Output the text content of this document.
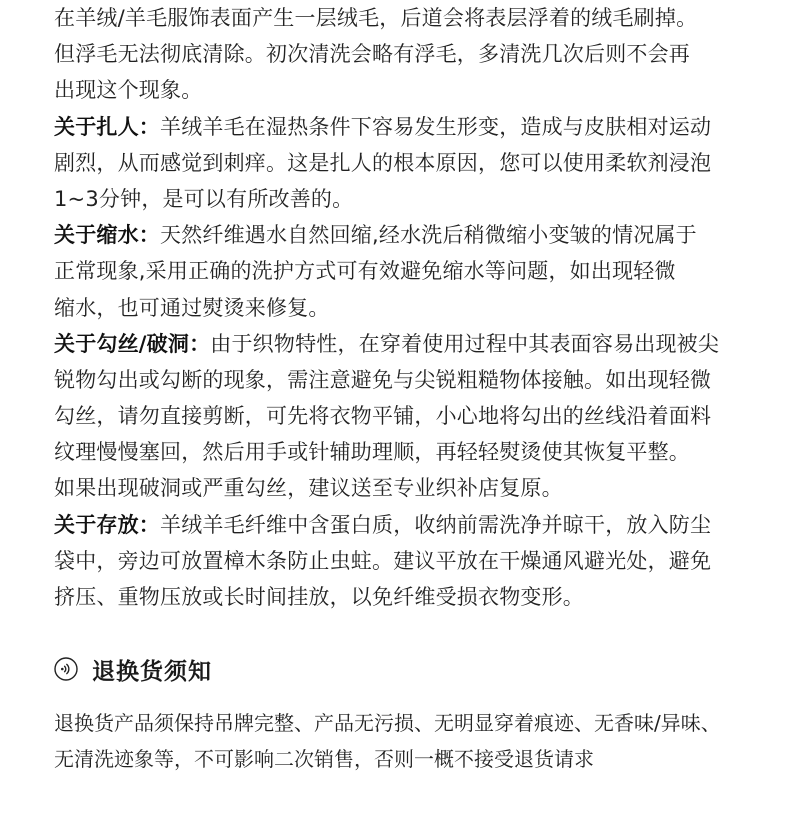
在羊绒/羊毛服饰表面产生一层绒毛，后道会将表层浮着的绒毛刷掉。
但浮毛无法彻底清除。初次清洗会略有浮毛，多清洗几次后则不会再
出现这个现象。
关于扎人：羊绒羊毛在湿热条件下容易发生形变，造成与皮肤相对运动
剧烈，从而感觉到刺痒。这是扎人的根本原因，您可以使用柔软剂浸泡
1~3分钟，是可以有所改善的。
关于缩水：天然纤维遇水自然回缩,经水洗后稍微缩小变皱的情况属于
正常现象,采用正确的洗护方式可有效避免缩水等问题，如出现轻微
缩水，也可通过熨烫来修复。
关于勾丝/破洞：由于织物特性，在穿着使用过程中其表面容易出现被尖
锐物勾出或勾断的现象，需注意避免与尖锐粗糙物体接触。如出现轻微
勾丝，请勿直接剪断，可先将衣物平铺，小心地将勾出的丝线沿着面料
纹理慢慢塞回，然后用手或针辅助理顺，再轻轻熨烫使其恢复平整。
如果出现破洞或严重勾丝，建议送至专业织补店复原。
关于存放：羊绒羊毛纤维中含蛋白质，收纳前需洗净并晾干，放入防尘
袋中，旁边可放置樟木条防止虫蛀。建议平放在干燥通风避光处，避免
挤压、重物压放或长时间挂放，以免纤维受损衣物变形。
退换货须知
退换货产品须保持吊牌完整、产品无污损、无明显穿着痕迹、无香味/异味、
无清洗迹象等，不可影响二次销售，否则一概不接受退货请求
